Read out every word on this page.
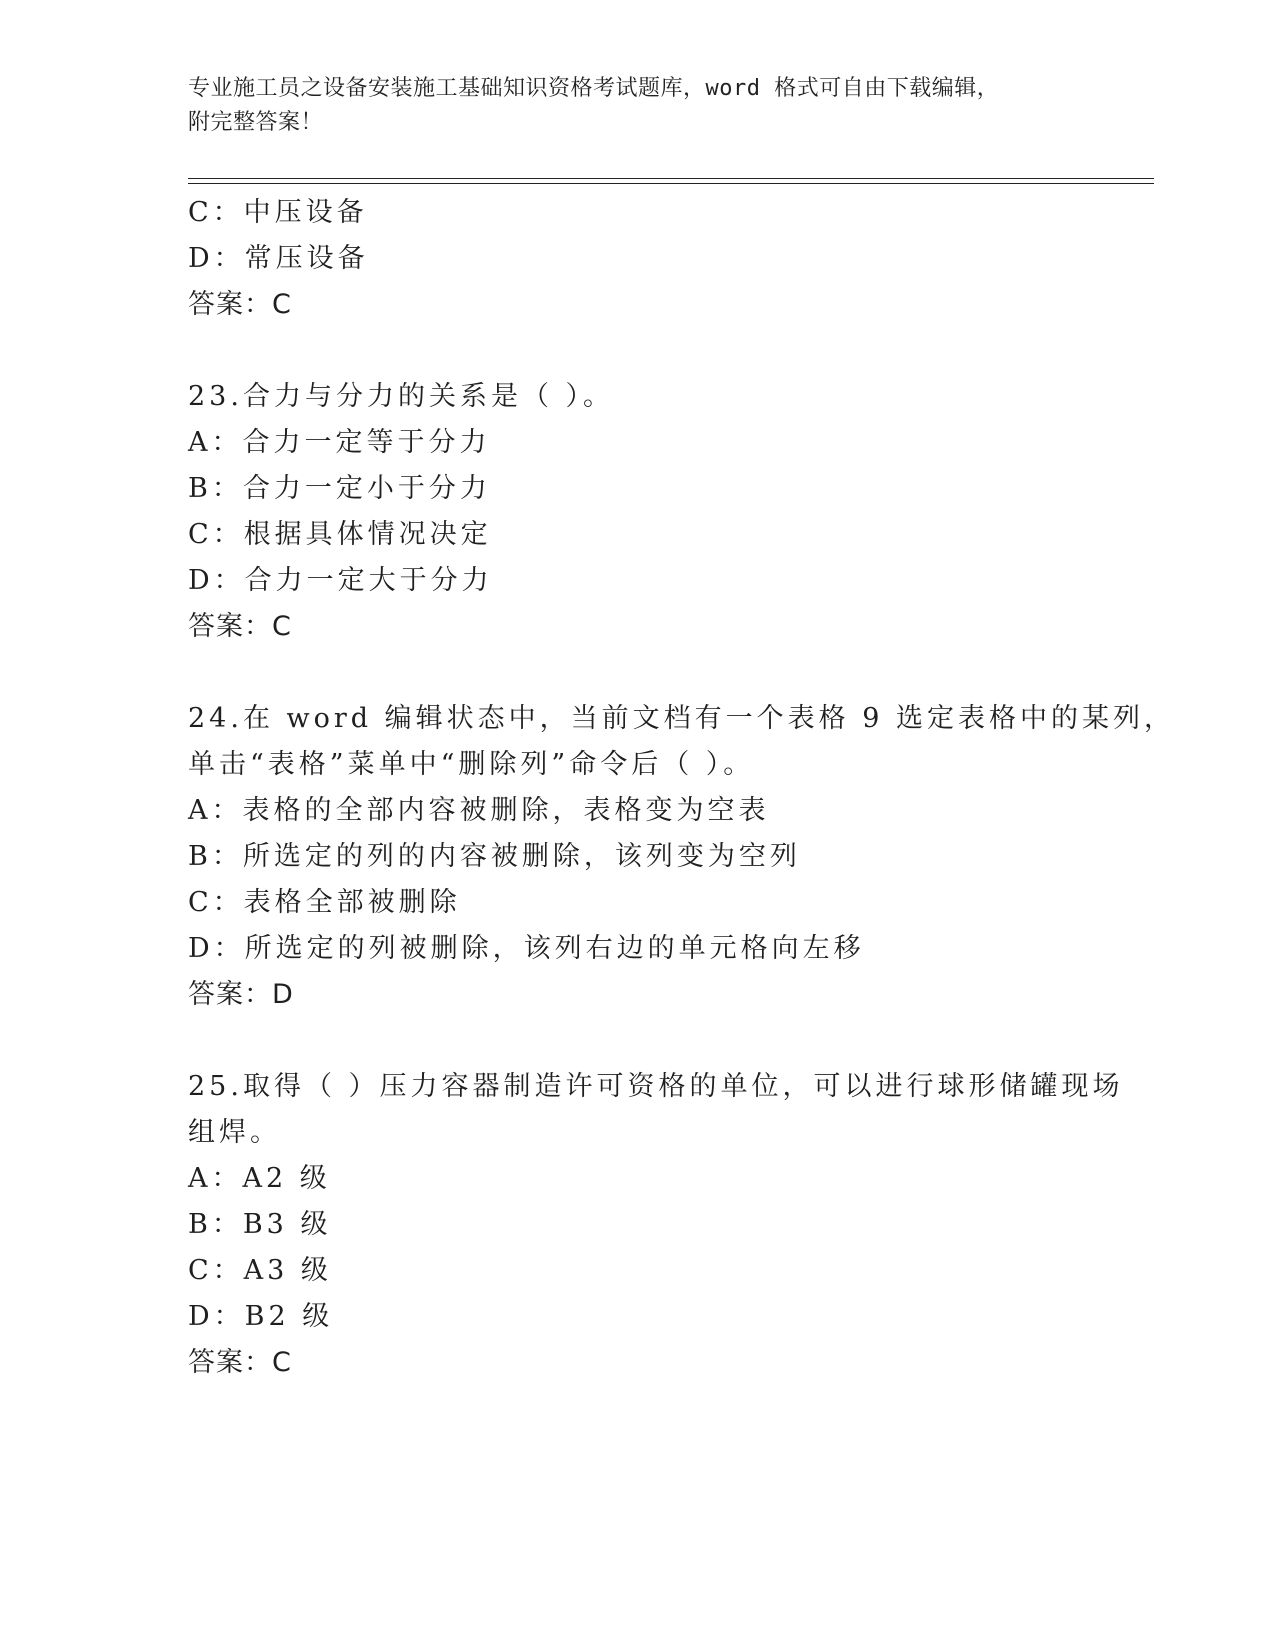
专业施工员之设备安装施工基础知识资格考试题库，word 格式可自由下载编辑，
附完整答案！
C：中压设备
D：常压设备
答案：C
23.合力与分力的关系是（ ）。
A：合力一定等于分力
B：合力一定小于分力
C：根据具体情况决定
D：合力一定大于分力
答案：C
24.在 word 编辑状态中，当前文档有一个表格 9 选定表格中的某列，
单击“表格”菜单中“删除列”命令后（ ）。
A：表格的全部内容被删除，表格变为空表
B：所选定的列的内容被删除，该列变为空列
C：表格全部被删除
D：所选定的列被删除，该列右边的单元格向左移
答案：D
25.取得（ ）压力容器制造许可资格的单位，可以进行球形储罐现场
组焊。
A：A2 级
B：B3 级
C：A3 级
D：B2 级
答案：C
